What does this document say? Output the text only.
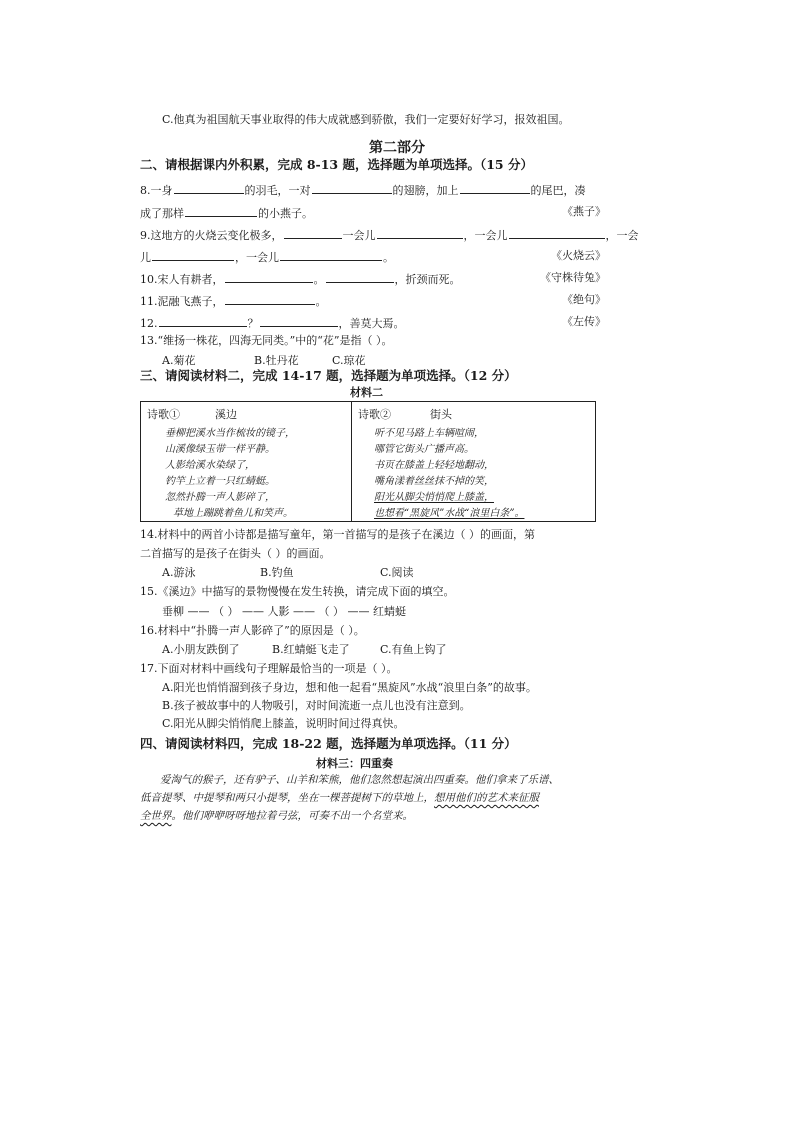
C.他真为祖国航天事业取得的伟大成就感到骄傲，我们一定要好好学习，报效祖国。
第二部分
二、请根据课内外积累，完成 8-13 题，选择题为单项选择。（15 分）
8.一身	的羽毛，一对	的翅膀，加上	的尾巴，凑
成了那样	的小燕子。	《燕子》
9.这地方的火烧云变化极多，	一会儿	，一会儿	，一会
儿	，一会儿	。	《火烧云》
10.宋人有耕者，	。	，折颈而死。	《守株待兔》
11.泥融飞燕子，	。	《绝句》
12.	？	，善莫大焉。	《左传》
13.“维扬一株花，四海无同类。”中的“花”是指（ ）。
A.菊花	B.牡丹花	C.琼花
三、请阅读材料二，完成 14-17 题，选择题为单项选择。（12 分）
材料二
诗歌①	溪边
垂柳把溪水当作梳妆的镜子，
山溪像绿玉带一样平静。
人影给溪水染绿了，
钓竿上立着一只红蜻蜓。
忽然扑腾一声人影碎了，
草地上蹦跳着鱼儿和笑声。
诗歌②	街头
听不见马路上车辆喧闹，
哪管它街头广播声高。
书页在膝盖上轻轻地翻动，
嘴角漾着丝丝抹不掉的笑，
阳光从脚尖悄悄爬上膝盖，
也想看“黑旋风”水战“浪里白条”。
14.材料中的两首小诗都是描写童年，第一首描写的是孩子在溪边（ ）的画面，第
二首描写的是孩子在街头（ ）的画面。
A.游泳	B.钓鱼	C.阅读
15.《溪边》中描写的景物慢慢在发生转换，请完成下面的填空。
垂柳 —— （ ） —— 人影 —— （ ） —— 红蜻蜓
16.材料中“扑腾一声人影碎了”的原因是（ ）。
A.小朋友跌倒了	B.红蜻蜓飞走了	C.有鱼上钩了
17.下面对材料中画线句子理解最恰当的一项是（ ）。
A.阳光也悄悄溜到孩子身边，想和他一起看“黑旋风”水战“浪里白条”的故事。
B.孩子被故事中的人物吸引，对时间流逝一点儿也没有注意到。
C.阳光从脚尖悄悄爬上膝盖，说明时间过得真快。
四、请阅读材料四，完成 18-22 题，选择题为单项选择。（11 分）
材料三：四重奏
爱淘气的猴子，还有驴子、山羊和笨熊，他们忽然想起演出四重奏。他们拿来了乐谱、
低音提琴、中提琴和两只小提琴，坐在一棵菩提树下的草地上，想用他们的艺术来征服
全世界。他们咿咿呀呀地拉着弓弦，可奏不出一个名堂来。
